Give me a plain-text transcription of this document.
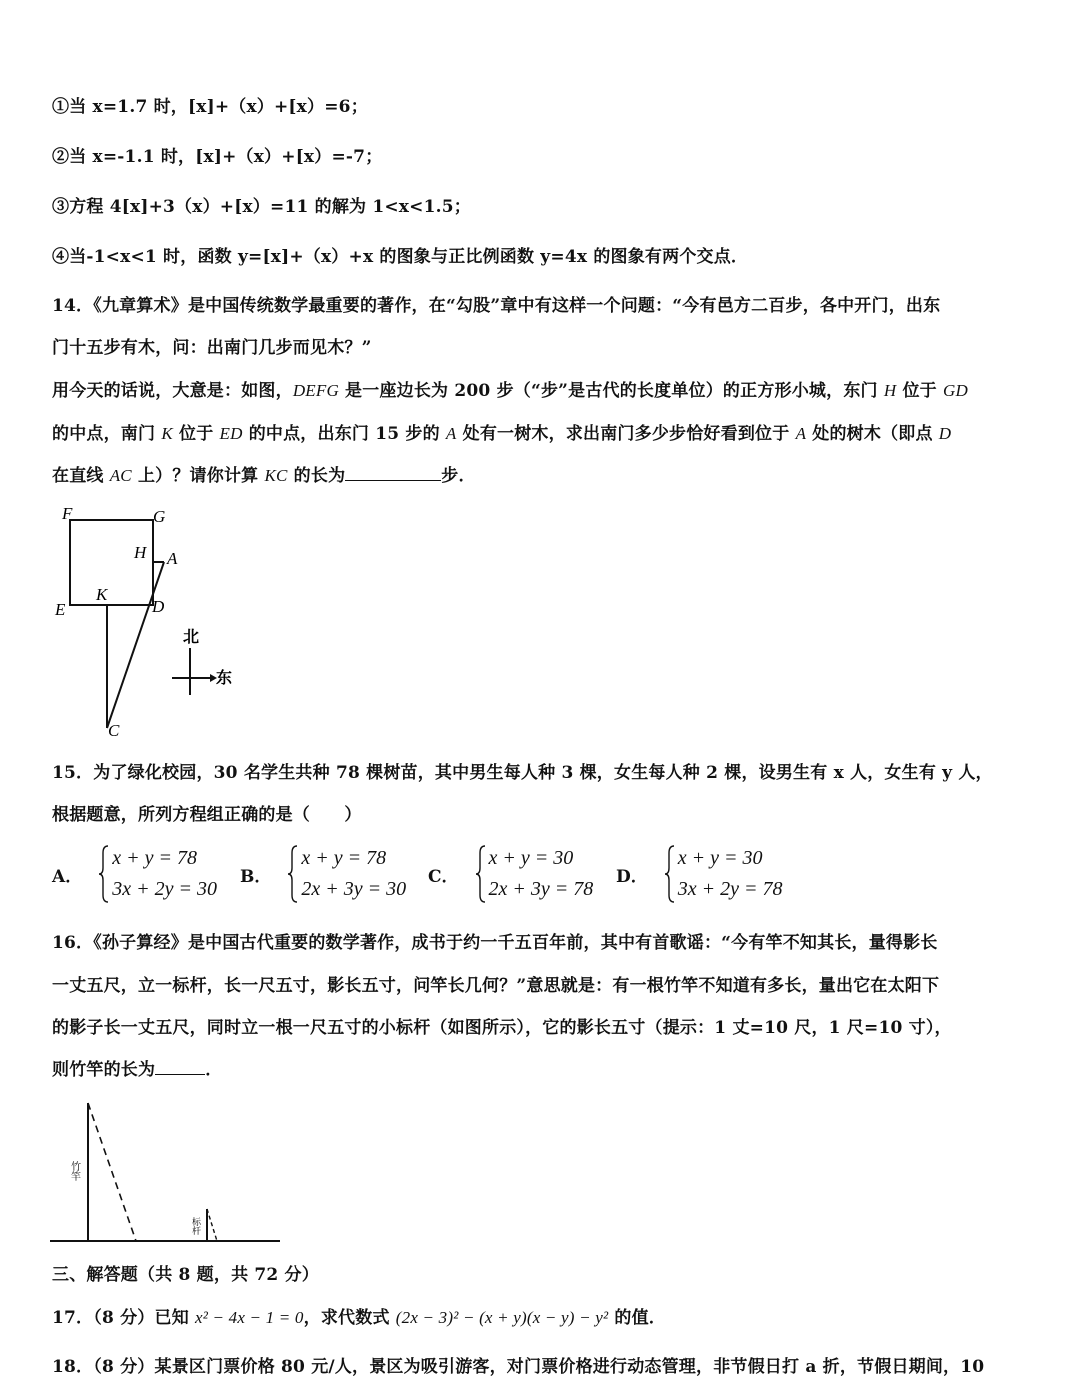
①当 x=1.7 时，[x]+（x）+[x）=6；
②当 x=-1.1 时，[x]+（x）+[x）=-7；
③方程 4[x]+3（x）+[x）=11 的解为 1<x<1.5；
④当-1<x<1 时，函数 y=[x]+（x）+x 的图象与正比例函数 y=4x 的图象有两个交点．
14．《九章算术》是中国传统数学最重要的著作，在“勾股”章中有这样一个问题：“今有邑方二百步，各中开门，出东
门十五步有木，问：出南门几步而见木？”
用今天的话说，大意是：如图，DEFG 是一座边长为 200 步（“步”是古代的长度单位）的正方形小城，东门 H 位于 GD
的中点，南门 K 位于 ED 的中点，出东门 15 步的 A 处有一树木，求出南门多少步恰好看到位于 A 处的树木（即点 D
在直线 AC 上）？请你计算 KC 的长为	步．
F	G
H A
E
K
D
C
北
东
15．为了绿化校园，30 名学生共种 78 棵树苗，其中男生每人种 3 棵，女生每人种 2 棵，设男生有 x 人，女生有 y 人，
根据题意，所列方程组正确的是（　　）
A．
x + y = 78
3x + 2y = 30
B．
x + y = 78
2x + 3y = 30
C．
x + y = 30
2x + 3y = 78
D．
x + y = 30
3x + 2y = 78
16．《孙子算经》是中国古代重要的数学著作，成书于约一千五百年前，其中有首歌谣：“今有竿不知其长，量得影长
一丈五尺，立一标杆，长一尺五寸，影长五寸，问竿长几何？”意思就是：有一根竹竿不知道有多长，量出它在太阳下
的影子长一丈五尺，同时立一根一尺五寸的小标杆（如图所示），它的影长五寸（提示：1 丈=10 尺，1 尺=10 寸），
则竹竿的长为	．
竹竿
标杆
三、解答题（共 8 题，共 72 分）
17．（8 分）已知 x² − 4x − 1 = 0，求代数式 (2x − 3)² − (x + y)(x − y) − y² 的值．
18．（8 分）某景区门票价格 80 元/人，景区为吸引游客，对门票价格进行动态管理，非节假日打 a 折，节假日期间，10
